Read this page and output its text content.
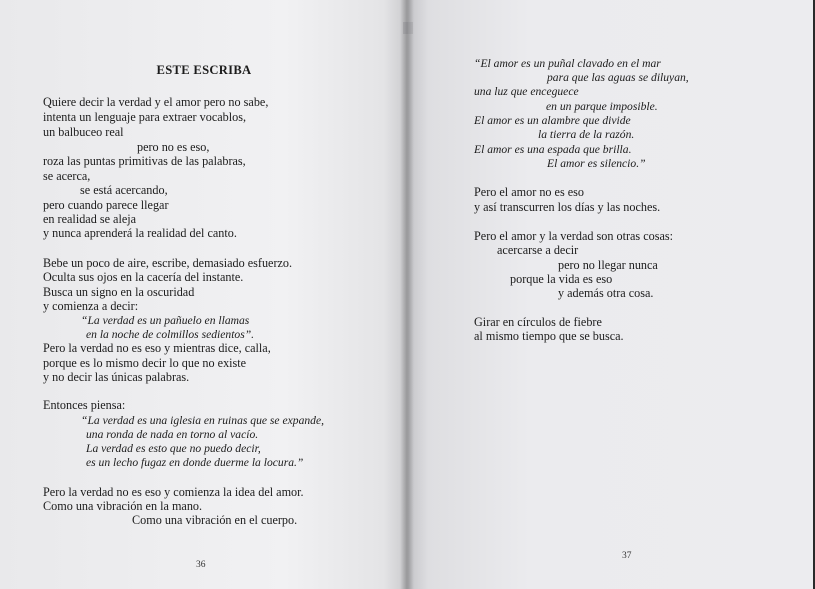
ESTE ESCRIBA
Quiere decir la verdad y el amor pero no sabe,
intenta un lenguaje para extraer vocablos,
un balbuceo real
pero no es eso,
roza las puntas primitivas de las palabras,
se acerca,
se está acercando,
pero cuando parece llegar
en realidad se aleja
y nunca aprenderá la realidad del canto.
Bebe un poco de aire, escribe, demasiado esfuerzo.
Oculta sus ojos en la cacería del instante.
Busca un signo en la oscuridad
y comienza a decir:
“La verdad es un pañuelo en llamas
en la noche de colmillos sedientos”.
Pero la verdad no es eso y mientras dice, calla,
porque es lo mismo decir lo que no existe
y no decir las únicas palabras.
Entonces piensa:
“La verdad es una iglesia en ruinas que se expande,
una ronda de nada en torno al vacío.
La verdad es esto que no puedo decir,
es un lecho fugaz en donde duerme la locura.”
Pero la verdad no es eso y comienza la idea del amor.
Como una vibración en la mano.
Como una vibración en el cuerpo.
36
“El amor es un puñal clavado en el mar
para que las aguas se diluyan,
una luz que enceguece
en un parque imposible.
El amor es un alambre que divide
la tierra de la razón.
El amor es una espada que brilla.
El amor es silencio.”
Pero el amor no es eso
y así transcurren los días y las noches.
Pero el amor y la verdad son otras cosas:
acercarse a decir
pero no llegar nunca
porque la vida es eso
y además otra cosa.
Girar en círculos de fiebre
al mismo tiempo que se busca.
37
